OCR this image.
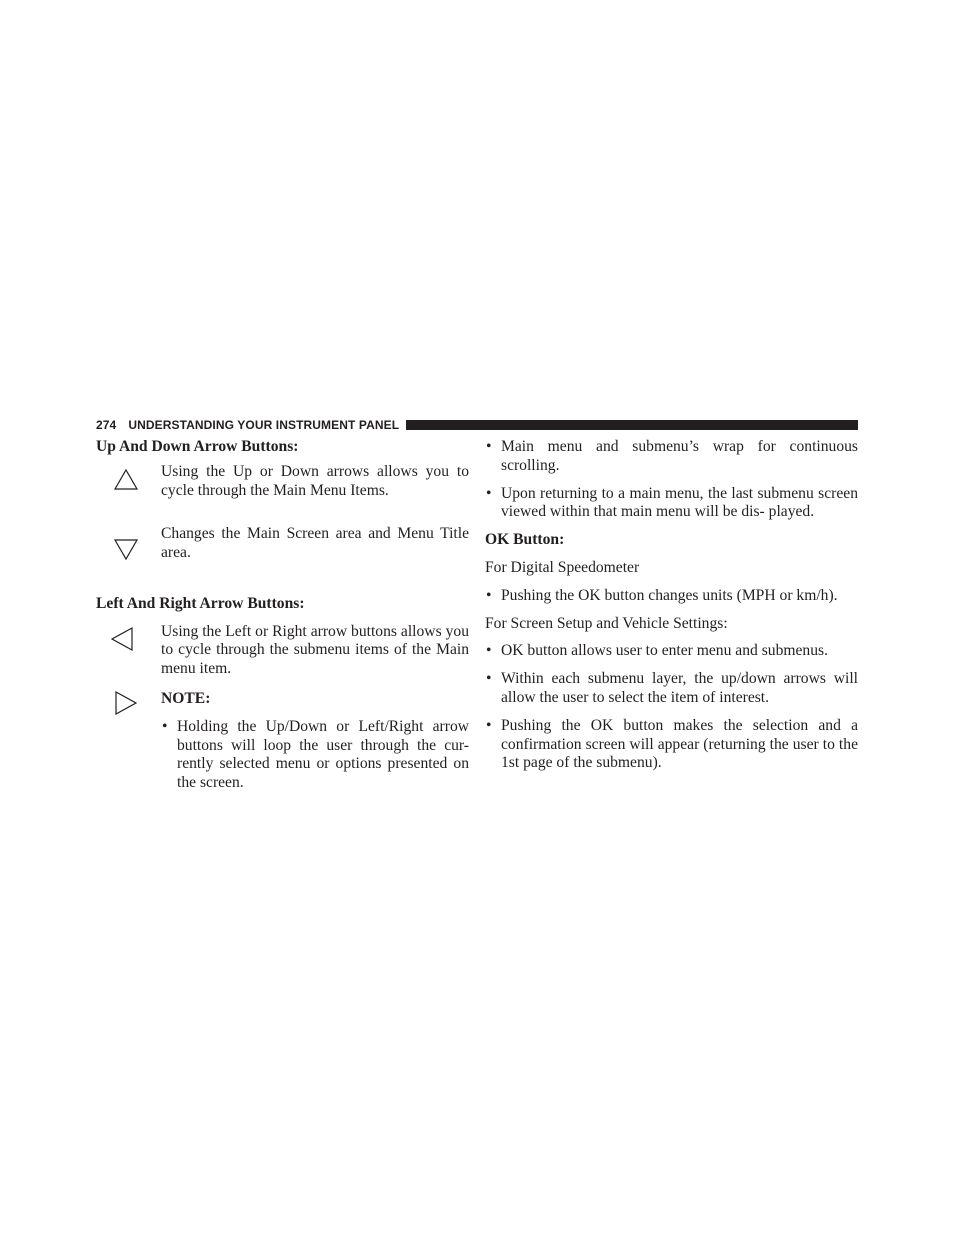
274 UNDERSTANDING YOUR INSTRUMENT PANEL
Up And Down Arrow Buttons:

Using the Up or Down arrows allows you to cycle through the Main Menu Items.

Changes the Main Screen area and Menu Title area.

Left And Right Arrow Buttons:

Using the Left or Right arrow buttons allows you to cycle through the submenu items of the Main menu item.

NOTE:
• Holding the Up/Down or Left/Right arrow buttons will loop the user through the cur- rently selected menu or options presented on the screen.
• Main menu and submenu’s wrap for continuous scrolling.
• Upon returning to a main menu, the last submenu screen viewed within that main menu will be dis- played.
OK Button:

For Digital Speedometer

• Pushing the OK button changes units (MPH or km/h).

For Screen Setup and Vehicle Settings:

• OK button allows user to enter menu and submenus.
• Within each submenu layer, the up/down arrows will allow the user to select the item of interest.
• Pushing the OK button makes the selection and a confirmation screen will appear (returning the user to the 1st page of the submenu).
